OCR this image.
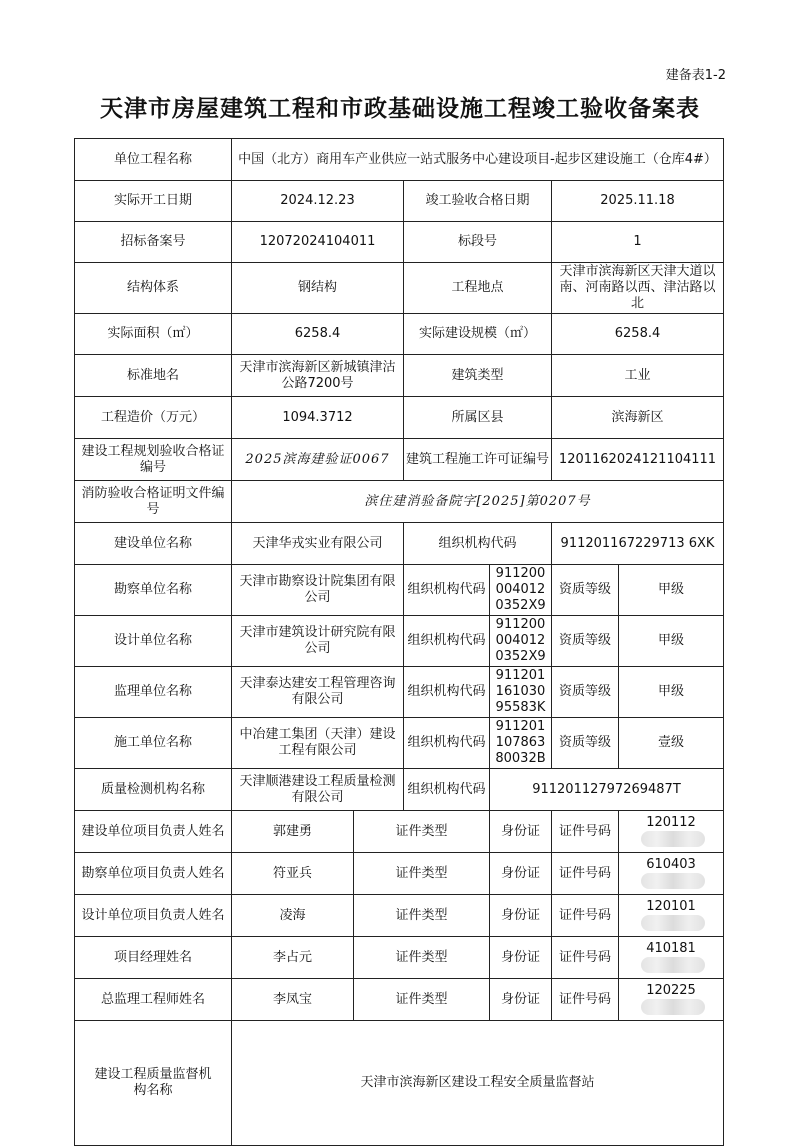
建备表1-2
天津市房屋建筑工程和市政基础设施工程竣工验收备案表
单位工程名称	中国（北方）商用车产业供应一站式服务中心建设项目-起步区建设施工（仓库4#）					
实际开工日期	2024.12.23		竣工验收合格日期		2025.11.18	
招标备案号	12072024104011		标段号		1	
结构体系	钢结构		工程地点		天津市滨海新区天津大道以南、河南路以西、津沽路以北	
实际面积（㎡）	6258.4		实际建设规模（㎡）		6258.4	
标准地名	天津市滨海新区新城镇津沽公路7200号		建筑类型		工业	
工程造价（万元）	1094.3712		所属区县		滨海新区	
建设工程规划验收合格证编号	2025滨海建验证0067		建筑工程施工许可证编号		1201162024121104111	
消防验收合格证明文件编号	滨住建消验备院字[2025]第0207号					
建设单位名称	天津华戎实业有限公司		组织机构代码		911201167229713 6XK	
勘察单位名称	天津市勘察设计院集团有限公司		组织机构代码	9112000040120352X9	资质等级	甲级
设计单位名称	天津市建筑设计研究院有限公司		组织机构代码	9112000040120352X9	资质等级	甲级
监理单位名称	天津泰达建安工程管理咨询有限公司		组织机构代码	91120116103095583K	资质等级	甲级
施工单位名称	中冶建工集团（天津）建设工程有限公司		组织机构代码	91120110786380032B	资质等级	壹级
质量检测机构名称	天津顺港建设工程质量检测有限公司		组织机构代码	91120112797269487T		
建设单位项目负责人姓名	郭建勇	证件类型		身份证	证件号码	120112
勘察单位项目负责人姓名	符亚兵	证件类型		身份证	证件号码	610403
设计单位项目负责人姓名	凌海	证件类型		身份证	证件号码	120101
项目经理姓名	李占元	证件类型		身份证	证件号码	410181
总监理工程师姓名	李凤宝	证件类型		身份证	证件号码	120225
建设工程质量监督机构名称	天津市滨海新区建设工程安全质量监督站					
